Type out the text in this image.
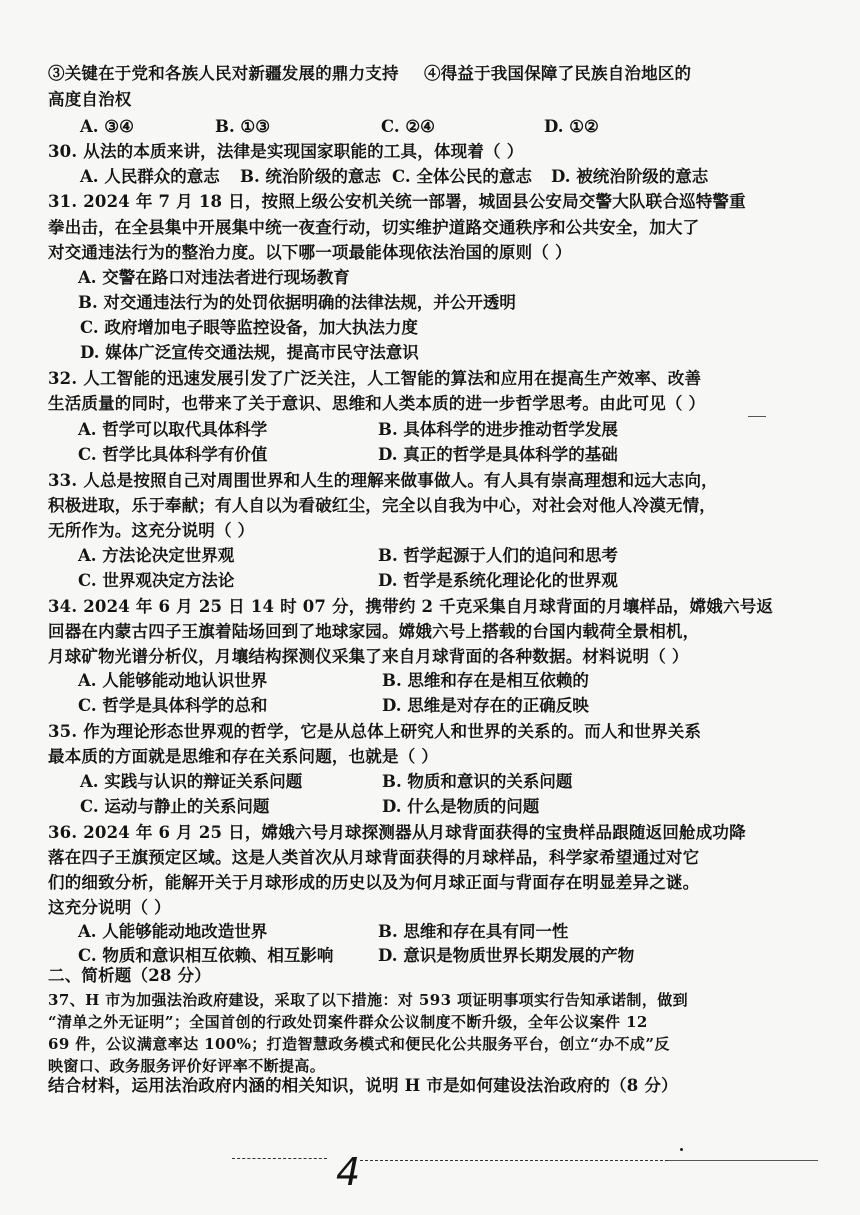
③关键在于党和各族人民对新疆发展的鼎力支持 ④得益于我国保障了民族自治地区的
高度自治权
A. ③④	B. ①③	C. ②④	D. ①②
30. 从法的本质来讲，法律是实现国家职能的工具，体现着（ ）
A. 人民群众的意志 B. 统治阶级的意志 C. 全体公民的意志 D. 被统治阶级的意志
31. 2024 年 7 月 18 日，按照上级公安机关统一部署，城固县公安局交警大队联合巡特警重
拳出击，在全县集中开展集中统一夜查行动，切实维护道路交通秩序和公共安全，加大了
对交通违法行为的整治力度。以下哪一项最能体现依法治国的原则（ ）
A. 交警在路口对违法者进行现场教育
B. 对交通违法行为的处罚依据明确的法律法规，并公开透明
C. 政府增加电子眼等监控设备，加大执法力度
D. 媒体广泛宣传交通法规，提高市民守法意识
32. 人工智能的迅速发展引发了广泛关注，人工智能的算法和应用在提高生产效率、改善
生活质量的同时，也带来了关于意识、思维和人类本质的进一步哲学思考。由此可见（ ）
A. 哲学可以取代具体科学	B. 具体科学的进步推动哲学发展
C. 哲学比具体科学有价值	D. 真正的哲学是具体科学的基础
33. 人总是按照自己对周围世界和人生的理解来做事做人。有人具有崇高理想和远大志向，
积极进取，乐于奉献；有人自以为看破红尘，完全以自我为中心，对社会对他人冷漠无情，
无所作为。这充分说明（ ）
A. 方法论决定世界观	B. 哲学起源于人们的追问和思考
C. 世界观决定方法论	D. 哲学是系统化理论化的世界观
34. 2024 年 6 月 25 日 14 时 07 分，携带约 2 千克采集自月球背面的月壤样品，嫦娥六号返
回器在内蒙古四子王旗着陆场回到了地球家园。嫦娥六号上搭载的台国内载荷全景相机，
月球矿物光谱分析仪，月壤结构探测仪采集了来自月球背面的各种数据。材料说明（ ）
A. 人能够能动地认识世界	B. 思维和存在是相互依赖的
C. 哲学是具体科学的总和	D. 思维是对存在的正确反映
35. 作为理论形态世界观的哲学，它是从总体上研究人和世界的关系的。而人和世界关系
最本质的方面就是思维和存在关系问题，也就是（ ）
A. 实践与认识的辩证关系问题	B. 物质和意识的关系问题
C. 运动与静止的关系问题	D. 什么是物质的问题
36. 2024 年 6 月 25 日，嫦娥六号月球探测器从月球背面获得的宝贵样品跟随返回舱成功降
落在四子王旗预定区域。这是人类首次从月球背面获得的月球样品，科学家希望通过对它
们的细致分析，能解开关于月球形成的历史以及为何月球正面与背面存在明显差异之谜。
这充分说明（ ）
A. 人能够能动地改造世界	B. 思维和存在具有同一性
C. 物质和意识相互依赖、相互影响	D. 意识是物质世界长期发展的产物
二、简析题（28 分）
37、H 市为加强法治政府建设，采取了以下措施：对 593 项证明事项实行告知承诺制，做到
“清单之外无证明”；全国首创的行政处罚案件群众公议制度不断升级，全年公议案件 12
69 件，公议满意率达 100%；打造智慧政务模式和便民化公共服务平台，创立“办不成”反
映窗口、政务服务评价好评率不断提高。
结合材料，运用法治政府内涵的相关知识，说明 H 市是如何建设法治政府的（8 分）
4
